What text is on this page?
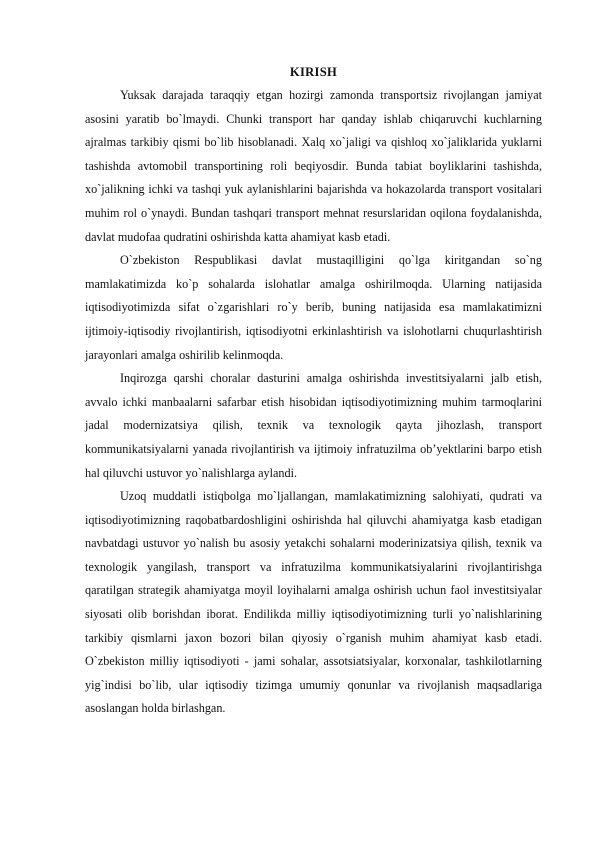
KIRISH

Yuksak darajada taraqqiy etgan hozirgi zamonda transportsiz rivojlangan jamiyat asosini yaratib bo`lmaydi. Chunki transport har qanday ishlab chiqaruvchi kuchlarning ajralmas tarkibiy qismi bo`lib hisoblanadi. Xalq xo`jaligi va qishloq xo`jaliklarida yuklarni tashishda avtomobil transportining roli beqiyosdir. Bunda tabiat boyliklarini tashishda, xo`jalikning ichki va tashqi yuk aylanishlarini bajarishda va hokazolarda transport vositalari muhim rol o`ynaydi. Bundan tashqari transport mehnat resurslaridan oqilona foydalanishda, davlat mudofaa qudratini oshirishda katta ahamiyat kasb etadi.

O`zbekiston Respublikasi davlat mustaqilligini qo`lga kiritgandan so`ng mamlakatimizda ko`p sohalarda islohatlar amalga oshirilmoqda. Ularning natijasida iqtisodiyotimizda sifat o`zgarishlari ro`y berib, buning natijasida esa mamlakatimizni ijtimoiy-iqtisodiy rivojlantirish, iqtisodiyotni erkinlashtirish va islohotlarni chuqurlashtirish jarayonlari amalga oshirilib kelinmoqda.

Inqirozga qarshi choralar dasturini amalga oshirishda investitsiyalarni jalb etish, avvalo ichki manbaalarni safarbar etish hisobidan iqtisodiyotimizning muhim tarmoqlarini jadal modernizatsiya qilish, texnik va texnologik qayta jihozlash, transport kommunikatsiyalarni yanada rivojlantirish va ijtimoiy infratuzilma ob’yektlarini barpo etish hal qiluvchi ustuvor yo`nalishlarga aylandi.

Uzoq muddatli istiqbolga mo`ljallangan, mamlakatimizning salohiyati, qudrati va iqtisodiyotimizning raqobatbardoshligini oshirishda hal qiluvchi ahamiyatga kasb etadigan navbatdagi ustuvor yo`nalish bu asosiy yetakchi sohalarni moderinizatsiya qilish, texnik va texnologik yangilash, transport va infratuzilma kommunikatsiyalarini rivojlantirishga qaratilgan strategik ahamiyatga moyil loyihalarni amalga oshirish uchun faol investitsiyalar siyosati olib borishdan iborat. Endilikda milliy iqtisodiyotimizning turli yo`nalishlarining tarkibiy qismlarni jaxon bozori bilan qiyosiy o`rganish muhim ahamiyat kasb etadi. O`zbekiston milliy iqtisodiyoti - jami sohalar, assotsiatsiyalar, korxonalar, tashkilotlarning yig`indisi bo`lib, ular iqtisodiy tizimga umumiy qonunlar va rivojlanish maqsadlariga asoslangan holda birlashgan.
